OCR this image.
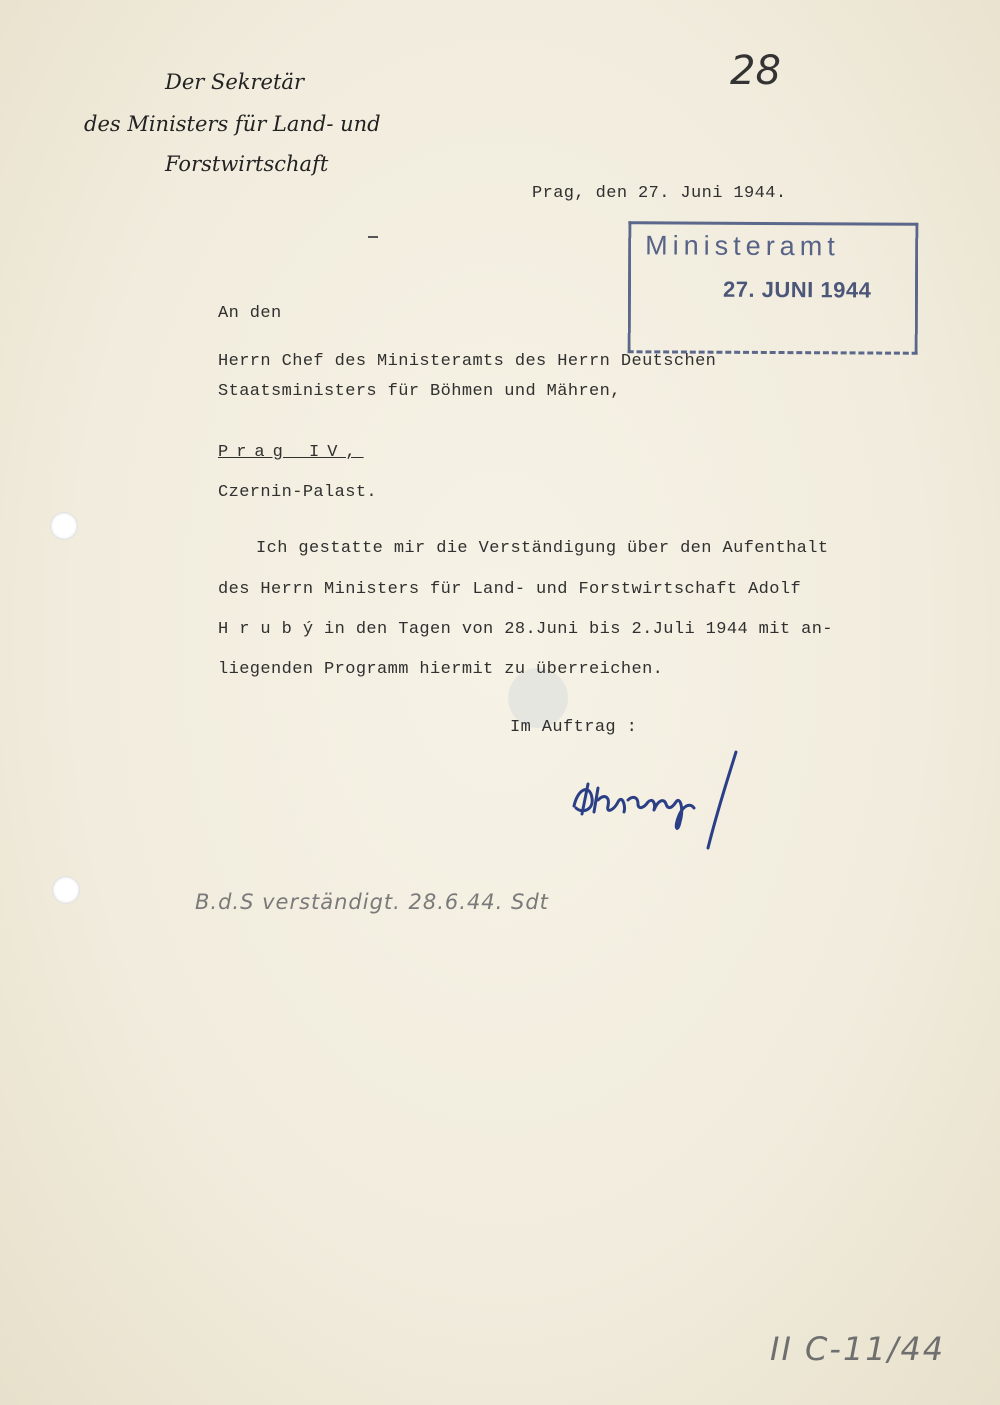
Der Sekretär
des Ministers für Land- und
Forstwirtschaft
28
Prag, den 27. Juni 1944.
Ministeramt
27. JUNI 1944
An den
Herrn Chef des Ministeramts des Herrn Deutschen
Staatsministers für Böhmen und Mähren,
Prag IV,
Czernin-Palast.
Ich gestatte mir die Verständigung über den Aufenthalt
des Herrn Ministers für Land- und Forstwirtschaft Adolf
H r u b ý in den Tagen von 28.Juni bis 2.Juli 1944 mit an-
liegenden Programm hiermit zu überreichen.
Im Auftrag :
B.d.S verständigt. 28.6.44. Sdt
II C-11/44
